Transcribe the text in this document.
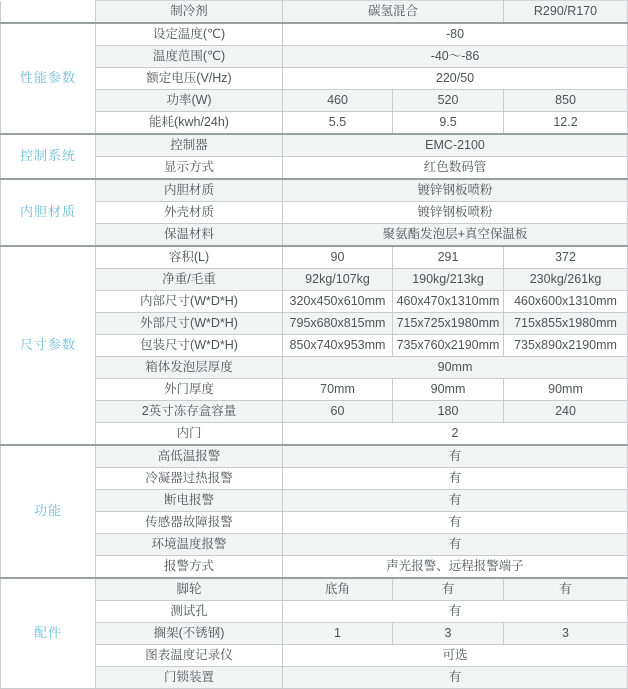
	制冷剂	碳氢混合		R290/R170
性能参数	设定温度(℃)	-80		
	温度范围(℃)	-40～-86		
	额定电压(V/Hz)	220/50		
	功率(W)	460	520	850
	能耗(kwh/24h)	5.5	9.5	12.2
控制系统	控制器	EMC-2100		
	显示方式	红色数码管		
内胆材质	内胆材质	镀锌钢板喷粉		
	外壳材质	镀锌钢板喷粉		
	保温材料	聚氨酯发泡层+真空保温板		
尺寸参数	容积(L)	90	291	372
	净重/毛重	92kg/107kg	190kg/213kg	230kg/261kg
	内部尺寸(W*D*H)	320x450x610mm	460x470x1310mm	460x600x1310mm
	外部尺寸(W*D*H)	795x680x815mm	715x725x1980mm	715x855x1980mm
	包装尺寸(W*D*H)	850x740x953mm	735x760x2190mm	735x890x2190mm
	箱体发泡层厚度	90mm		
	外门厚度	70mm	90mm	90mm
	2英寸冻存盒容量	60	180	240
	内门	2		
功能	高低温报警	有		
	冷凝器过热报警	有		
	断电报警	有		
	传感器故障报警	有		
	环境温度报警	有		
	报警方式	声光报警、远程报警端子		
配件	脚轮	底角	有	有
	测试孔	有		
	搁架(不锈钢)	1	3	3
	图表温度记录仪	可选		
	门锁装置	有		
